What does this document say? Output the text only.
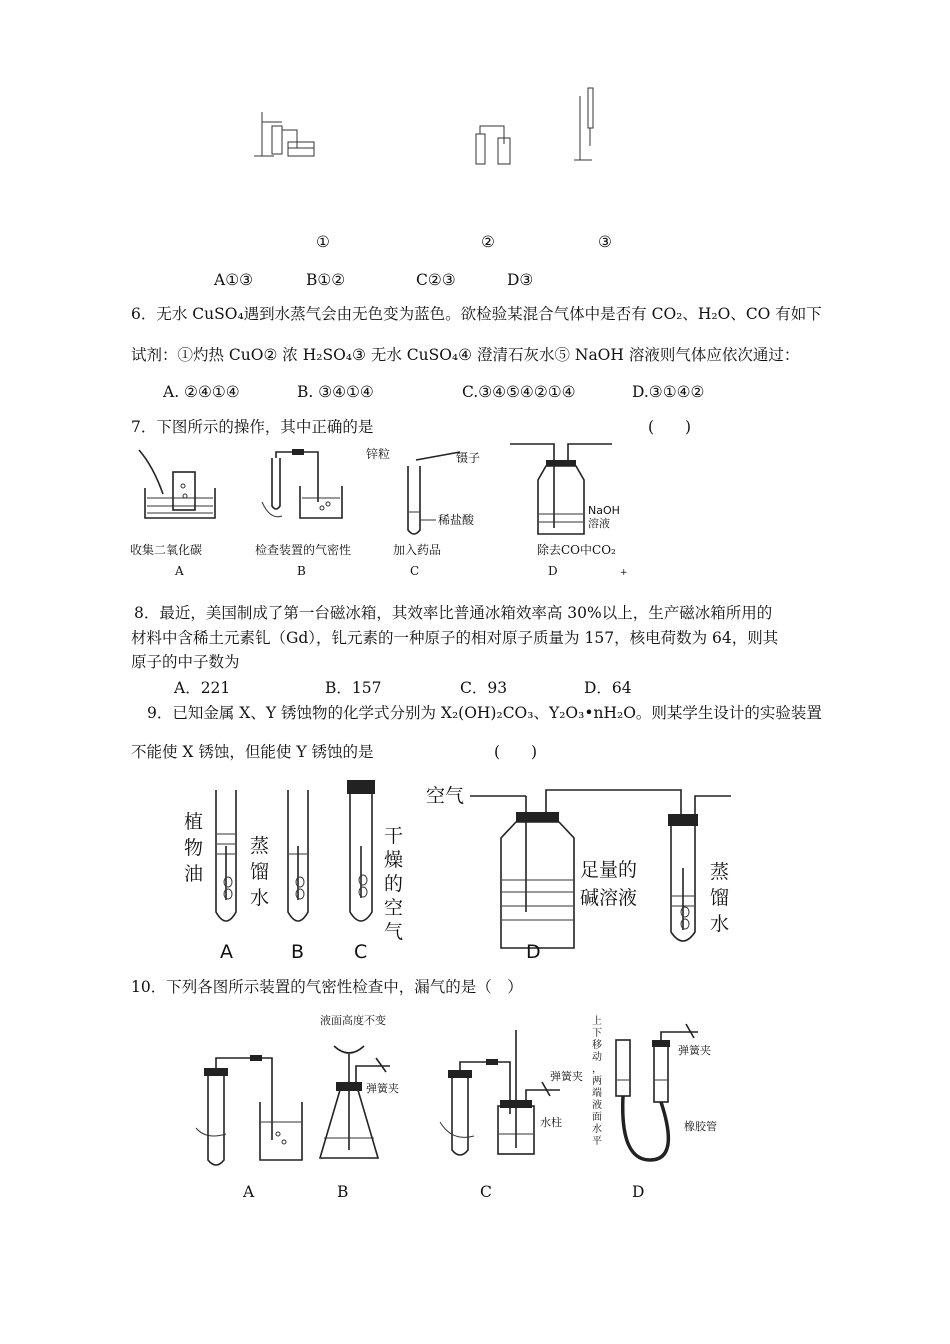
①	②	③
A①③	B①②	C②③	D③
6．无水 CuSO₄遇到水蒸气会由无色变为蓝色。欲检验某混合气体中是否有 CO₂、H₂O、CO 有如下
试剂：①灼热 CuO② 浓 H₂SO₄③ 无水 CuSO₄④ 澄清石灰水⑤ NaOH 溶液则气体应依次通过：
A. ②④①④	B. ③④①④	C.③④⑤④②①④	D.③①④②
7．下图所示的操作，其中正确的是	(　　)
锌粒	镊子
稀盐酸
NaOH
溶液
收集二氧化碳	检查装置的气密性	加入药品	除去CO中CO₂
A	B	C	D	+
8．最近，美国制成了第一台磁冰箱，其效率比普通冰箱效率高 30%以上，生产磁冰箱所用的
材料中含稀土元素钆（Gd），钆元素的一种原子的相对原子质量为 157，核电荷数为 64，则其
原子的中子数为
A．221	B．157	C．93	D．64
9．已知金属 X、Y 锈蚀物的化学式分别为 X₂(OH)₂CO₃、Y₂O₃•nH₂O。则某学生设计的实验装置
不能使 X 锈蚀，但能使 Y 锈蚀的是	(　　)
植
物
油
蒸
馏
水
干
燥
的
空
气
空气
足量的
碱溶液
蒸
馏
水
A	B	C	D
10．下列各图所示装置的气密性检查中，漏气的是（　）
液面高度不变
弹簧夹
弹簧夹
水柱
上
下
移
动
，
两
端
液
面
水
平
弹簧夹
橡胶管
A	B	C	D
